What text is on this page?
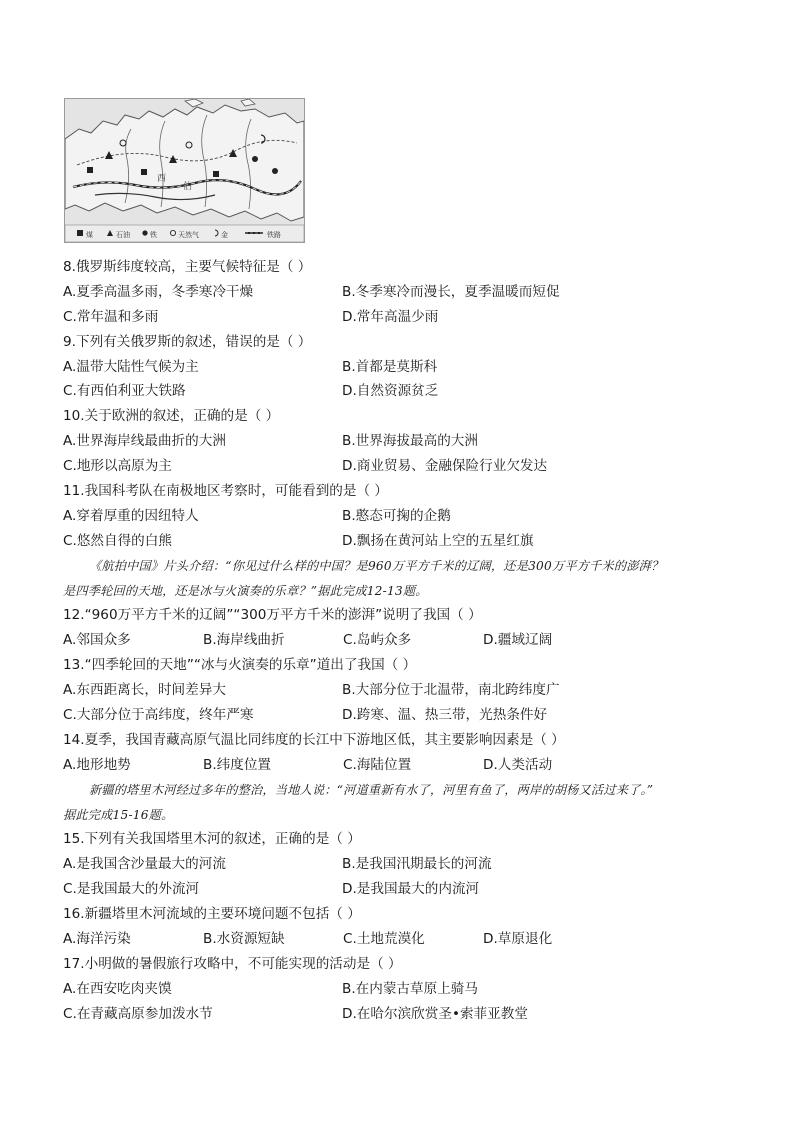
西
伯
煤	石油	铁	天然气	金	铁路
8.俄罗斯纬度较高，主要气候特征是（ ）
A.夏季高温多雨，冬季寒冷干燥	B.冬季寒冷而漫长，夏季温暖而短促
C.常年温和多雨	D.常年高温少雨
9.下列有关俄罗斯的叙述，错误的是（ ）
A.温带大陆性气候为主	B.首都是莫斯科
C.有西伯利亚大铁路	D.自然资源贫乏
10.关于欧洲的叙述，正确的是（ ）
A.世界海岸线最曲折的大洲	B.世界海拔最高的大洲
C.地形以高原为主	D.商业贸易、金融保险行业欠发达
11.我国科考队在南极地区考察时，可能看到的是（ ）
A.穿着厚重的因纽特人	B.憨态可掬的企鹅
C.悠然自得的白熊	D.飘扬在黄河站上空的五星红旗
《航拍中国》片头介绍：“你见过什么样的中国？是960万平方千米的辽阔，还是300万平方千米的澎湃？
是四季轮回的天地，还是冰与火演奏的乐章？”据此完成12-13题。
12.“960万平方千米的辽阔”“300万平方千米的澎湃”说明了我国（ ）
A.邻国众多	B.海岸线曲折	C.岛屿众多	D.疆域辽阔
13.“四季轮回的天地”“冰与火演奏的乐章”道出了我国（ ）
A.东西距离长，时间差异大	B.大部分位于北温带，南北跨纬度广
C.大部分位于高纬度，终年严寒	D.跨寒、温、热三带，光热条件好
14.夏季，我国青藏高原气温比同纬度的长江中下游地区低，其主要影响因素是（ ）
A.地形地势	B.纬度位置	C.海陆位置	D.人类活动
新疆的塔里木河经过多年的整治，当地人说：“河道重新有水了，河里有鱼了，两岸的胡杨又活过来了。”
据此完成15-16题。
15.下列有关我国塔里木河的叙述，正确的是（ ）
A.是我国含沙量最大的河流	B.是我国汛期最长的河流
C.是我国最大的外流河	D.是我国最大的内流河
16.新疆塔里木河流域的主要环境问题不包括（ ）
A.海洋污染	B.水资源短缺	C.土地荒漠化	D.草原退化
17.小明做的暑假旅行攻略中，不可能实现的活动是（ ）
A.在西安吃肉夹馍	B.在内蒙古草原上骑马
C.在青藏高原参加泼水节	D.在哈尔滨欣赏圣•索菲亚教堂
